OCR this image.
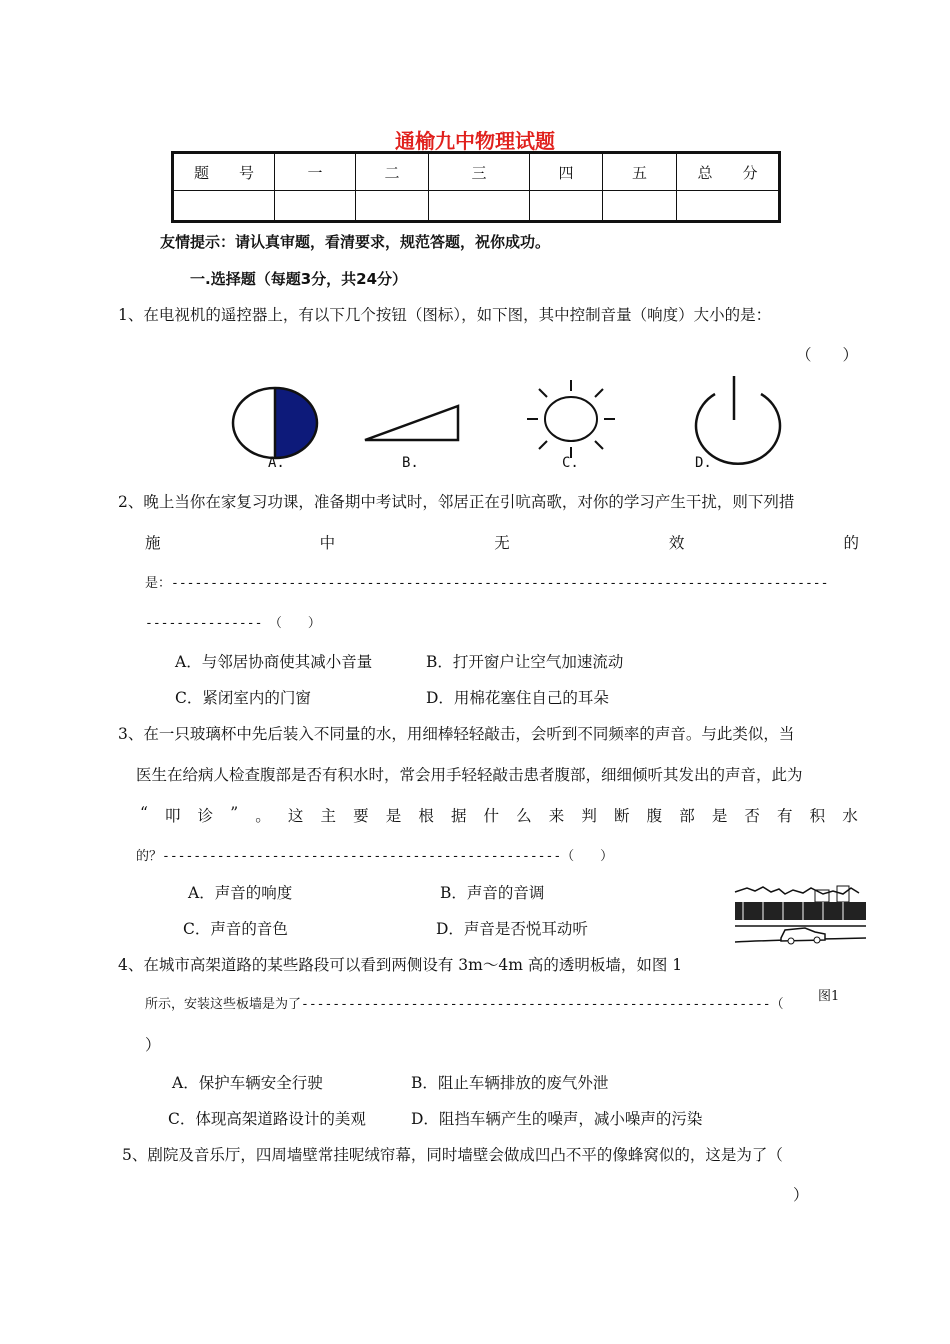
通榆九中物理试题
题　　号	一	二	三	四	五	总　　分

友情提示：请认真审题，看清要求，规范答题，祝你成功。
一.选择题（每题3分，共24分）
1、在电视机的遥控器上，有以下几个按钮（图标），如下图，其中控制音量（响度）大小的是：
（　　）
A.	B.	C.	D.
2、晚上当你在家复习功课，准备期中考试时，邻居正在引吭高歌，对你的学习产生干扰，则下列措
施	中	无	效	的
是：------------------------------------------------------------------------------------
---------------　（　　）
A．与邻居协商使其减小音量	B．打开窗户让空气加速流动
C．紧闭室内的门窗	D．用棉花塞住自己的耳朵
3、在一只玻璃杯中先后装入不同量的水，用细棒轻轻敲击，会听到不同频率的声音。与此类似，当
医生在给病人检查腹部是否有积水时，常会用手轻轻敲击患者腹部，细细倾听其发出的声音，此为
“ 叩 诊 ” 。 这 主 要 是 根 据 什 么 来 判 断 腹 部 是 否 有 积 水
的？---------------------------------------------------（　　）
A．声音的响度	B．声音的音调
C．声音的音色	D．声音是否悦耳动听
4、在城市高架道路的某些路段可以看到两侧设有 3m～4m 高的透明板墙，如图 1
图1
所示，安装这些板墙是为了------------------------------------------------------------（
）
A．保护车辆安全行驶	B．阻止车辆排放的废气外泄
C．体现高架道路设计的美观	D．阻挡车辆产生的噪声，减小噪声的污染
5、剧院及音乐厅，四周墙壁常挂呢绒帘幕，同时墙壁会做成凹凸不平的像蜂窝似的，这是为了（
）
